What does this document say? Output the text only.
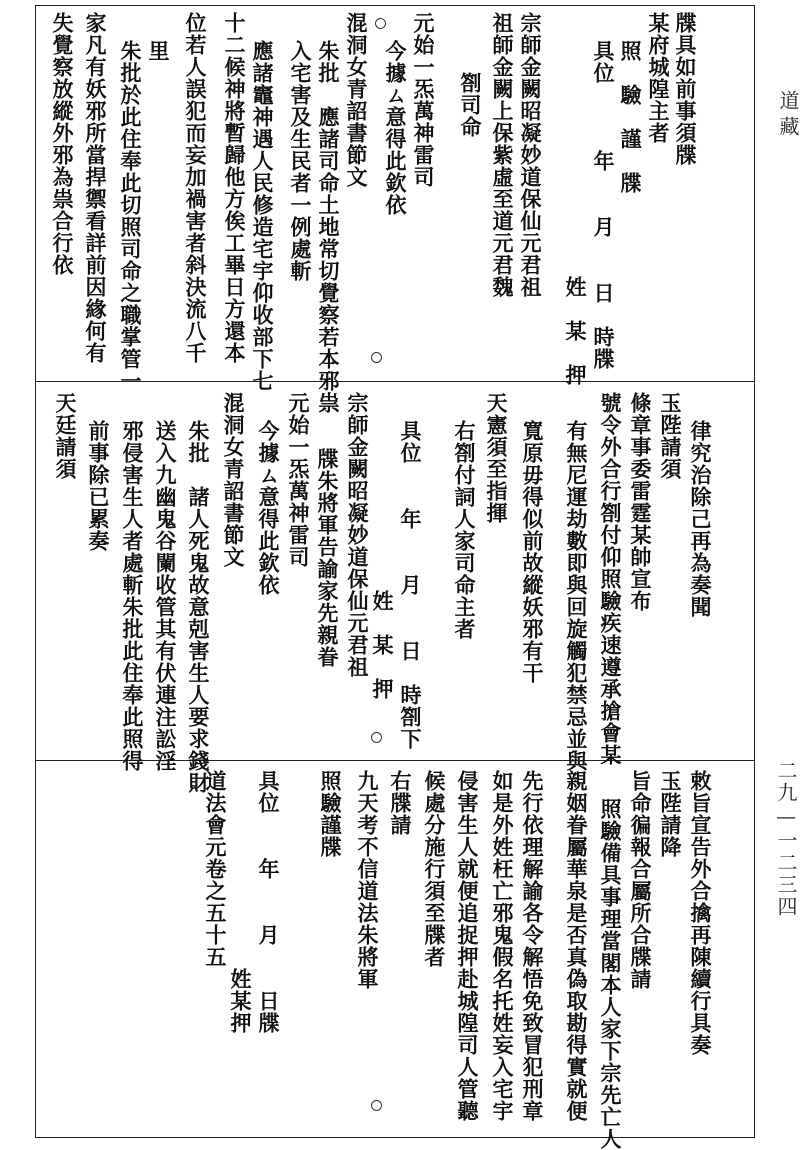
道藏
二九—一二三四
牒具如前事須牒
某府城隍主者
照　驗　謹　牒
具位　　　年　　月　　日　時牒
　　　　　　　　　　　　姓　某　押
宗師金闕昭凝妙道保仙元君祖
祖師金闕上保紫虛至道元君魏
劄司命
元始一炁萬神雷司
今據ㄙ意得此欽依
混洞女青詔書節文
朱批　應諸司命土地常切覺察若本邪祟
入宅害及生民者一例處斬
應諸竈神遇人民修造宅宇仰收部下七
十二候神將暫歸他方俟工畢日方還本
位若人誤犯而妄加禍害者斜決流八千
里
朱批於此住奉此切照司命之職掌管一
家凡有妖邪所當捍禦看詳前因緣何有
失覺察放縱外邪為祟合行依
律究治除己再為奏聞
玉陛請須
條章事委雷霆某帥宣布
號令外合行劄付仰照驗疾速遵承搶會某
有無尼運劫數即與回旋觸犯禁忌並與
寬原毋得似前故縱妖邪有干
天憲須至指揮
右劄付詞人家司命主者
具位　　年　　月　　日　時劄下
　　　　　　　　　姓　某　押
宗師金闕昭凝妙道保仙元君祖
牒朱將軍告諭家先親眷
元始一炁萬神雷司
今據ㄙ意得此欽依
混洞女青詔書節文
朱批　諸人死鬼故意剋害生人要求錢財
送入九幽鬼谷闌收管其有伏連注訟淫
邪侵害生人者處斬朱批此住奉此照得
前事除已累奏
天廷請須
敕旨宣告外合擒再陳續行具奏
玉陛請降
旨命徧報合屬所合牒請
照驗備具事理當閣本人家下宗先亡人
親姻眷屬華泉是否真偽取勘得實就便
先行依理解諭各令解悟免致冒犯刑章
如是外姓枉亡邪鬼假名托姓妄入宅宇
侵害生人就便追捉押赴城隍司人管聽
候處分施行須至牒者
右牒請
九天考不信道法朱將軍
照驗謹牒
具位　　年　　月　　日牒
　　　　　　　　　姓某押
道法會元卷之五十五
